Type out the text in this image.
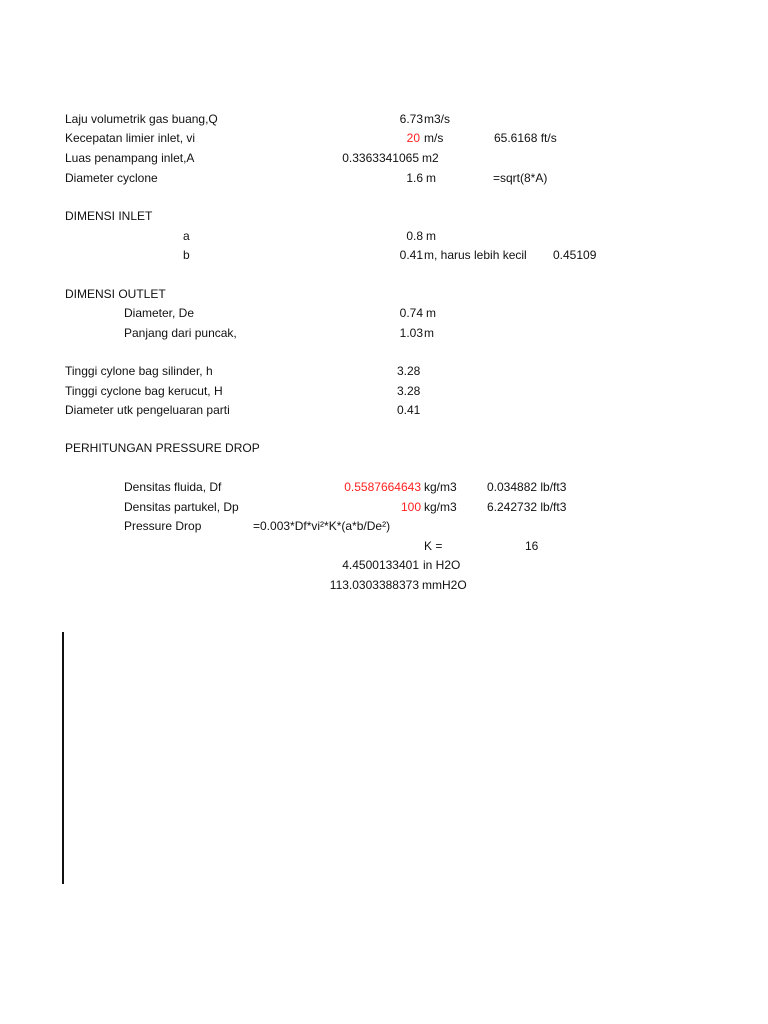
Laju volumetrik gas buang,Q	6.73 m3/s
Kecepatan limier inlet, vi	20 m/s	65.6168 ft/s
Luas penampang inlet,A	0.3363341065 m2
Diameter cyclone	1.6 m	=sqrt(8*A)
DIMENSI INLET
a	0.8 m
b	0.41 m, harus lebih kecil 0.45109
DIMENSI OUTLET
Diameter, De	0.74 m
Panjang dari puncak,	1.03 m
Tinggi cylone bag silinder, h	3.28
Tinggi cyclone bag kerucut, H	3.28
Diameter utk pengeluaran parti	0.41
PERHITUNGAN PRESSURE DROP
Densitas fluida, Df	0.5587664643 kg/m3	0.034882 lb/ft3
Densitas partukel, Dp	100 kg/m3	6.242732 lb/ft3
Pressure Drop	=0.003*Df*vi²*K*(a*b/De²)
K =	16
4.4500133401 in H2O
113.0303388373 mmH2O
